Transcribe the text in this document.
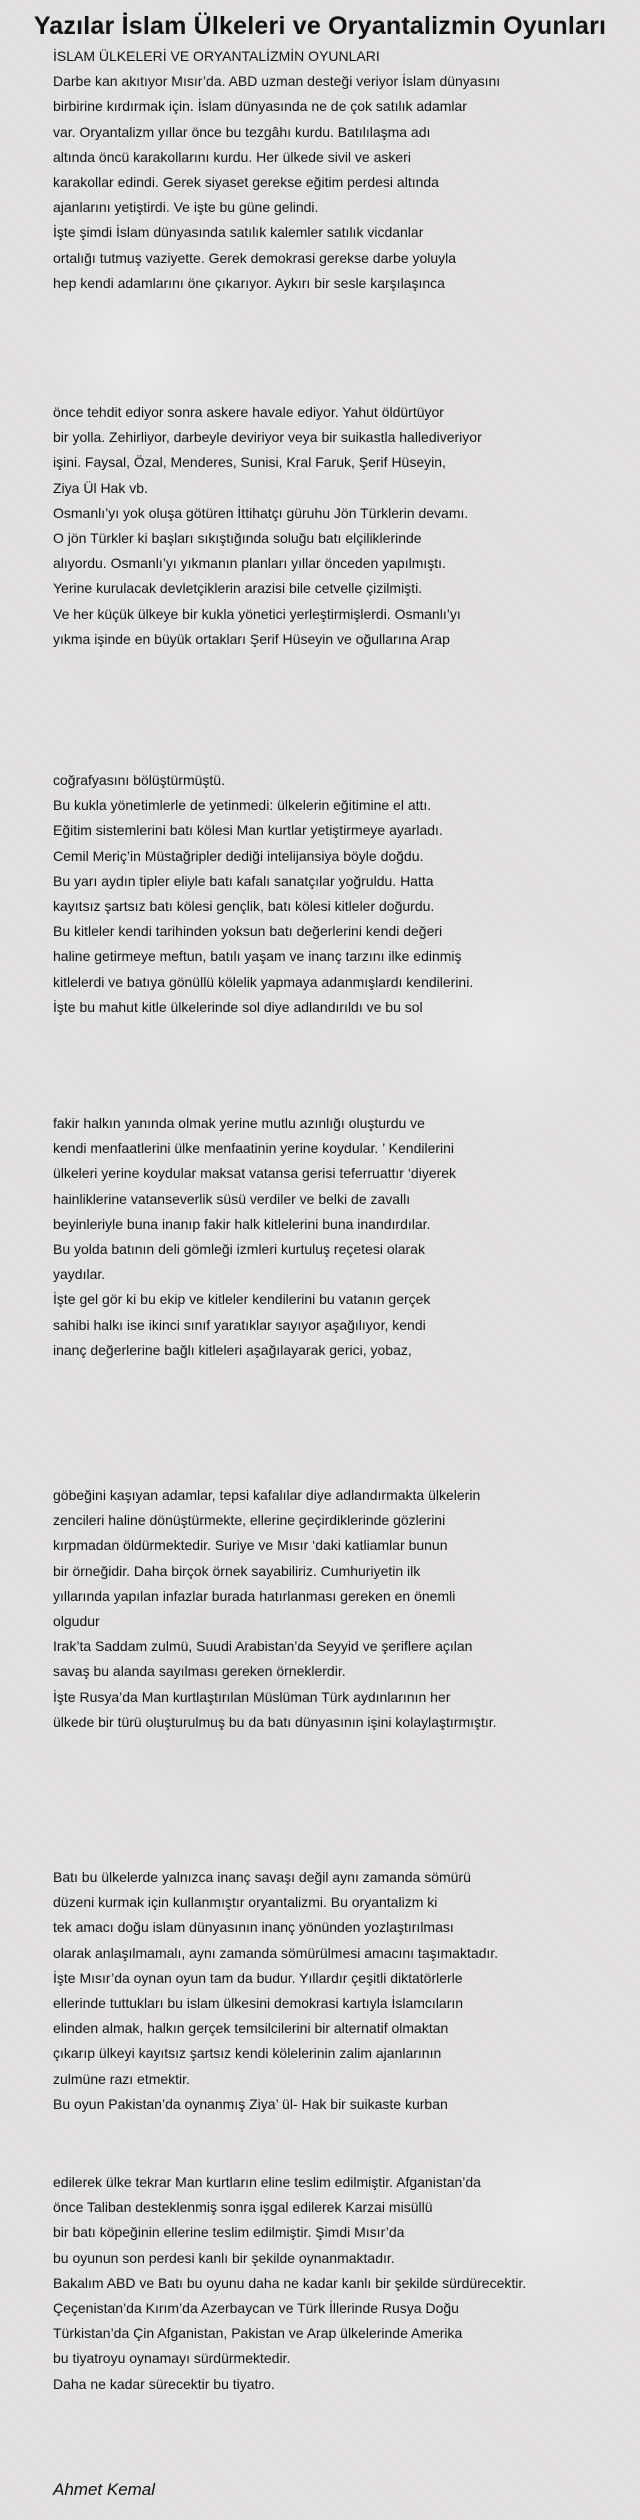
Yazılar İslam Ülkeleri ve Oryantalizmin Oyunları
İSLAM ÜLKELERİ VE ORYANTALİZMİN OYUNLARI
Darbe kan akıtıyor Mısır’da. ABD uzman desteği veriyor İslam dünyasını
birbirine kırdırmak için. İslam dünyasında ne de çok satılık adamlar
var. Oryantalizm yıllar önce bu tezgâhı kurdu. Batılılaşma adı
altında öncü karakollarını kurdu. Her ülkede sivil ve askeri
karakollar edindi. Gerek siyaset gerekse eğitim perdesi altında
ajanlarını yetiştirdi. Ve işte bu güne gelindi.
İşte şimdi İslam dünyasında satılık kalemler satılık vicdanlar
ortalığı tutmuş vaziyette. Gerek demokrasi gerekse darbe yoluyla
hep kendi adamlarını öne çıkarıyor. Aykırı bir sesle karşılaşınca
önce tehdit ediyor sonra askere havale ediyor. Yahut öldürtüyor
bir yolla. Zehirliyor, darbeyle deviriyor veya bir suikastla hallediveriyor
işini. Faysal, Özal, Menderes, Sunisi, Kral Faruk, Şerif Hüseyin,
Ziya Ül Hak vb.
Osmanlı’yı yok oluşa götüren İttihatçı güruhu Jön Türklerin devamı.
O jön Türkler ki başları sıkıştığında soluğu batı elçiliklerinde
alıyordu. Osmanlı’yı yıkmanın planları yıllar önceden yapılmıştı.
Yerine kurulacak devletçiklerin arazisi bile cetvelle çizilmişti.
Ve her küçük ülkeye bir kukla yönetici yerleştirmişlerdi. Osmanlı’yı
yıkma işinde en büyük ortakları Şerif Hüseyin ve oğullarına Arap
coğrafyasını bölüştürmüştü.
Bu kukla yönetimlerle de yetinmedi: ülkelerin eğitimine el attı.
Eğitim sistemlerini batı kölesi Man kurtlar yetiştirmeye ayarladı.
Cemil Meriç’in Müstağripler dediği intelijansiya böyle doğdu.
Bu yarı aydın tipler eliyle batı kafalı sanatçılar yoğruldu. Hatta
kayıtsız şartsız batı kölesi gençlik, batı kölesi kitleler doğurdu.
Bu kitleler kendi tarihinden yoksun batı değerlerini kendi değeri
haline getirmeye meftun, batılı yaşam ve inanç tarzını ilke edinmiş
kitlelerdi ve batıya gönüllü kölelik yapmaya adanmışlardı kendilerini.
İşte bu mahut kitle ülkelerinde sol diye adlandırıldı ve bu sol
fakir halkın yanında olmak yerine mutlu azınlığı oluşturdu ve
kendi menfaatlerini ülke menfaatinin yerine koydular. ’ Kendilerini
ülkeleri yerine koydular maksat vatansa gerisi teferruattır ‘diyerek
hainliklerine vatanseverlik süsü verdiler ve belki de zavallı
beyinleriyle buna inanıp fakir halk kitlelerini buna inandırdılar.
Bu yolda batının deli gömleği izmleri kurtuluş reçetesi olarak
yaydılar.
İşte gel gör ki bu ekip ve kitleler kendilerini bu vatanın gerçek
sahibi halkı ise ikinci sınıf yaratıklar sayıyor aşağılıyor, kendi
inanç değerlerine bağlı kitleleri aşağılayarak gerici, yobaz,
göbeğini kaşıyan adamlar, tepsi kafalılar diye adlandırmakta ülkelerin
zencileri haline dönüştürmekte, ellerine geçirdiklerinde gözlerini
kırpmadan öldürmektedir. Suriye ve Mısır ‘daki katliamlar bunun
bir örneğidir. Daha birçok örnek sayabiliriz. Cumhuriyetin ilk
yıllarında yapılan infazlar burada hatırlanması gereken en önemli
olgudur
Irak’ta Saddam zulmü, Suudi Arabistan’da Seyyid ve şeriflere açılan
savaş bu alanda sayılması gereken örneklerdir.
İşte Rusya’da Man kurtlaştırılan Müslüman Türk aydınlarının her
ülkede bir türü oluşturulmuş bu da batı dünyasının işini kolaylaştırmıştır.
Batı bu ülkelerde yalnızca inanç savaşı değil aynı zamanda sömürü
düzeni kurmak için kullanmıştır oryantalizmi. Bu oryantalizm ki
tek amacı doğu islam dünyasının inanç yönünden yozlaştırılması
olarak anlaşılmamalı, aynı zamanda sömürülmesi amacını taşımaktadır.
İşte Mısır’da oynan oyun tam da budur. Yıllardır çeşitli diktatörlerle
ellerinde tuttukları bu islam ülkesini demokrasi kartıyla İslamcıların
elinden almak, halkın gerçek temsilcilerini bir alternatif olmaktan
çıkarıp ülkeyi kayıtsız şartsız kendi kölelerinin zalim ajanlarının
zulmüne razı etmektir.
Bu oyun Pakistan’da oynanmış Ziya’ ül- Hak bir suikaste kurban
edilerek ülke tekrar Man kurtların eline teslim edilmiştir. Afganistan’da
önce Taliban desteklenmiş sonra işgal edilerek Karzai misüllü
bir batı köpeğinin ellerine teslim edilmiştir. Şimdi Mısır’da
bu oyunun son perdesi kanlı bir şekilde oynanmaktadır.
Bakalım ABD ve Batı bu oyunu daha ne kadar kanlı bir şekilde sürdürecektir.
Çeçenistan’da Kırım’da Azerbaycan ve Türk İllerinde Rusya Doğu
Türkistan’da Çin Afganistan, Pakistan ve Arap ülkelerinde Amerika
bu tiyatroyu oynamayı sürdürmektedir.
Daha ne kadar sürecektir bu tiyatro.
Ahmet Kemal
